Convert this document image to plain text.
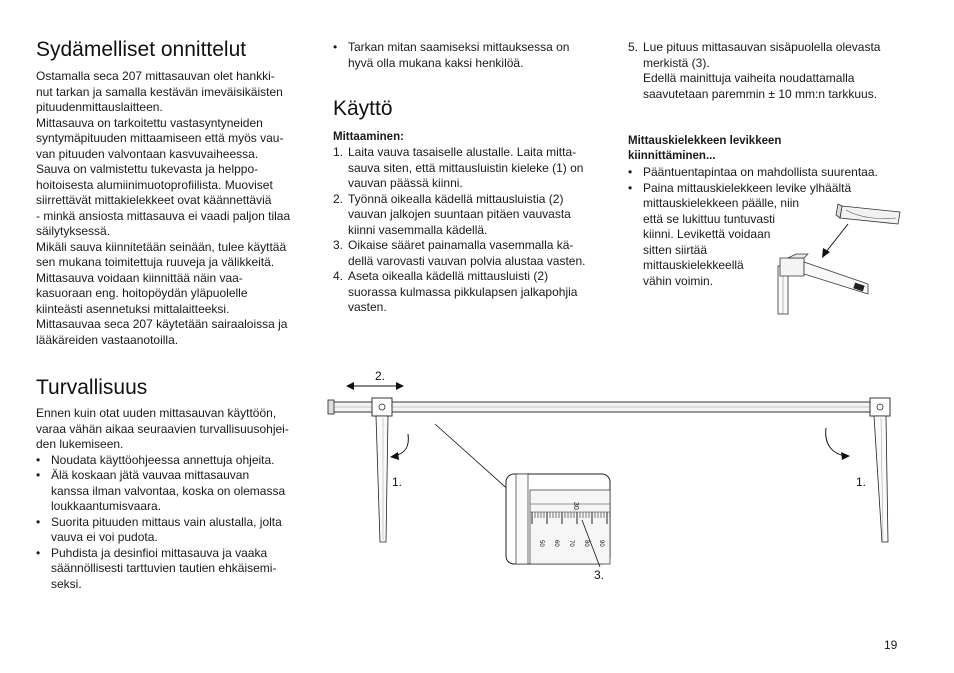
Sydämelliset onnittelut

Ostamalla seca 207 mittasauvan olet hankki-
nut tarkan ja samalla kestävän imeväisikäisten
pituudenmittauslaitteen.
Mittasauva on tarkoitettu vastasyntyneiden
syntymäpituuden mittaamiseen että myös vau-
van pituuden valvontaan kasvuvaiheessa.
Sauva on valmistettu tukevasta ja helppo-
hoitoisesta alumiinimuotoprofiilista. Muoviset
siirrettävät mittakielekkeet ovat käännettäviä
- minkä ansiosta mittasauva ei vaadi paljon tilaa
säilytyksessä.
Mikäli sauva kiinnitetään seinään, tulee käyttää
sen mukana toimitettuja ruuveja ja välikkeitä.
Mittasauva voidaan kiinnittää näin vaa-
kasuoraan eng. hoitopöydän yläpuolelle
kiinteästi asennetuksi mittalaitteeksi.
Mittasauvaa seca 207 käytetään sairaaloissa ja
lääkäreiden vastaanotoilla.

Turvallisuus

Ennen kuin otat uuden mittasauvan käyttöön,
varaa vähän aikaa seuraavien turvallisuusohjei-
den lukemiseen.

• Noudata käyttöohjeessa annettuja ohjeita.
• Älä koskaan jätä vauvaa mittasauvan
kanssa ilman valvontaa, koska on olemassa
loukkaantumisvaara.
• Suorita pituuden mittaus vain alustalla, jolta
vauva ei voi pudota.
• Puhdista ja desinfioi mittasauva ja vaaka
säännöllisesti tarttuvien tautien ehkäisemi-
seksi.
• Tarkan mitan saamiseksi mittauksessa on
hyvä olla mukana kaksi henkilöä.
Käyttö
Mittaaminen:
1. Laita vauva tasaiselle alustalle. Laita mitta-
sauva siten, että mittausluistin kieleke (1) on
vauvan päässä kiinni.
2. Työnnä oikealla kädellä mittausluistia (2)
vauvan jalkojen suuntaan pitäen vauvasta
kiinni vasemmalla kädellä.
3. Oikaise sääret painamalla vasemmalla kä-
dellä varovasti vauvan polvia alustaa vasten.
4. Aseta oikealla kädellä mittausluisti (2)
suorassa kulmassa pikkulapsen jalkapohjia
vasten.
5. Lue pituus mittasauvan sisäpuolella olevasta
merkistä (3).
Edellä mainittuja vaiheita noudattamalla
saavutetaan paremmin ± 10 mm:n tarkkuus.
Mittauskielekkeen levikkeen
kiinnittäminen...
• Pääntuentapintaa on mahdollista suurentaa.
• Paina mittauskielekkeen levike ylhäältä
mittauskielekkeen päälle, niin
että se lukittuu tuntuvasti
kiinni. Levikettä voidaan
sitten siirtää
mittauskielekkeellä
vähin voimin.
2.
1.	1.
30
50 60 70 80 90
3.
19
